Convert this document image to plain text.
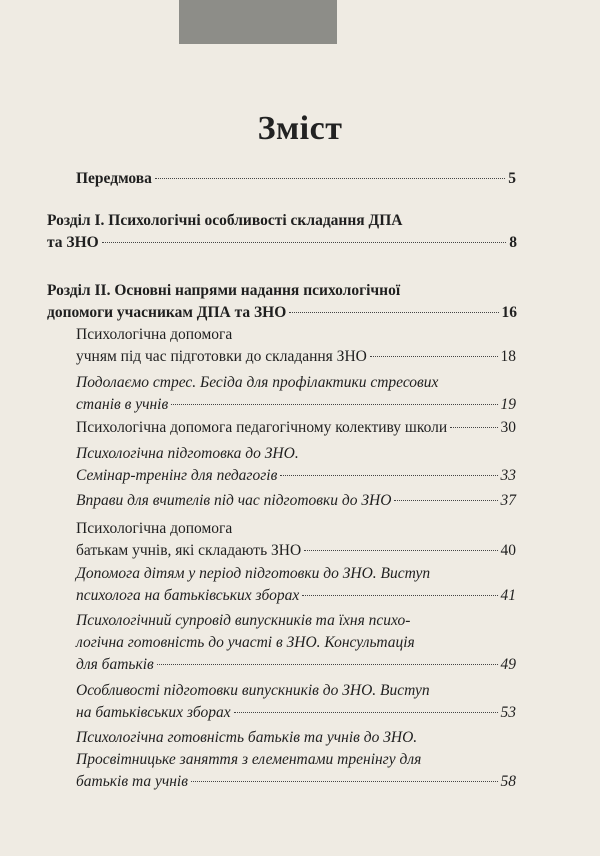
Зміст
Передмова	5
Розділ І. Психологічні особливості складання ДПА
та ЗНО	8
Розділ ІІ. Основні напрями надання психологічної
допомоги учасникам ДПА та ЗНО	16
Психологічна допомога
учням під час підготовки до складання ЗНО	18
Подолаємо стрес. Бесіда для профілактики стресових
станів в учнів	19
Психологічна допомога педагогічному колективу школи	30
Психологічна підготовка до ЗНО.
Семінар-тренінг для педагогів	33
Вправи для вчителів під час підготовки до ЗНО	37
Психологічна допомога
батькам учнів, які складають ЗНО	40
Допомога дітям у період підготовки до ЗНО. Виступ
психолога на батьківських зборах	41
Психологічний супровід випускників та їхня психо-
логічна готовність до участі в ЗНО. Консультація
для батьків	49
Особливості підготовки випускників до ЗНО. Виступ
на батьківських зборах	53
Психологічна готовність батьків та учнів до ЗНО.
Просвітницьке заняття з елементами тренінгу для
батьків та учнів	58
